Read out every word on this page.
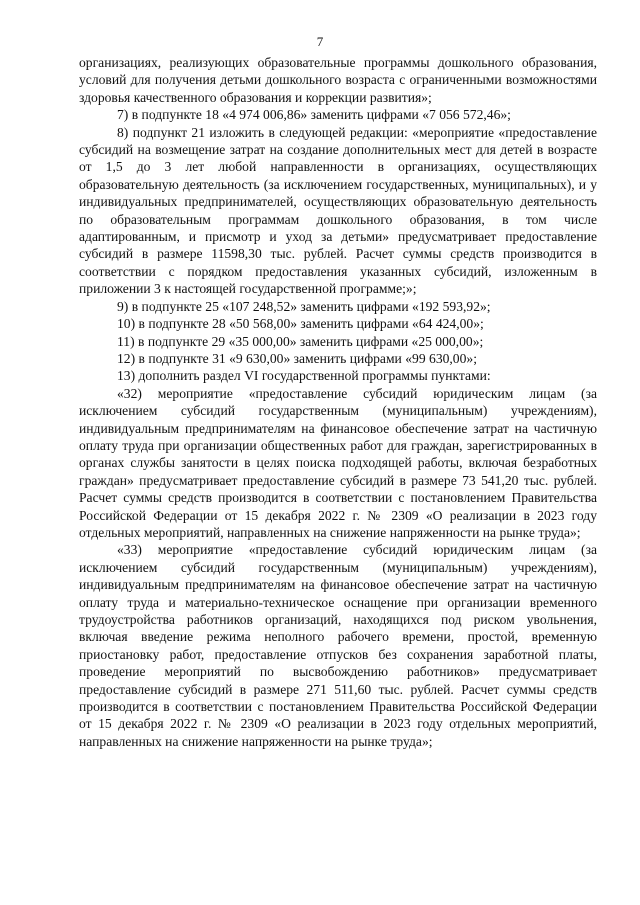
7

организациях, реализующих образовательные программы дошкольного образования, условий для получения детьми дошкольного возраста с ограниченными возможностями здоровья качественного образования и коррекции развития»;

7) в подпункте 18 «4 974 006,86» заменить цифрами «7 056 572,46»;

8) подпункт 21 изложить в следующей редакции: «мероприятие «предоставление субсидий на возмещение затрат на создание дополнительных мест для детей в возрасте от 1,5 до 3 лет любой направленности в организациях, осуществляющих образовательную деятельность (за исключением государственных, муниципальных), и у индивидуальных предпринимателей, осуществляющих образовательную деятельность по образовательным программам дошкольного образования, в том числе адаптированным, и присмотр и уход за детьми» предусматривает предоставление субсидий в размере 11598,30 тыс. рублей. Расчет суммы средств производится в соответствии с порядком предоставления указанных субсидий, изложенным в приложении 3 к настоящей государственной программе;»;

9) в подпункте 25 «107 248,52» заменить цифрами «192 593,92»;

10) в подпункте 28 «50 568,00» заменить цифрами «64 424,00»;

11) в подпункте 29 «35 000,00» заменить цифрами «25 000,00»;

12) в подпункте 31 «9 630,00» заменить цифрами «99 630,00»;

13) дополнить раздел VI государственной программы пунктами:

«32) мероприятие «предоставление субсидий юридическим лицам (за исключением субсидий государственным (муниципальным) учреждениям), индивидуальным предпринимателям на финансовое обеспечение затрат на частичную оплату труда при организации общественных работ для граждан, зарегистрированных в органах службы занятости в целях поиска подходящей работы, включая безработных граждан» предусматривает предоставление субсидий в размере 73 541,20 тыс. рублей. Расчет суммы средств производится в соответствии с постановлением Правительства Российской Федерации от 15 декабря 2022 г. № 2309 «О реализации в 2023 году отдельных мероприятий, направленных на снижение напряженности на рынке труда»;

«33) мероприятие «предоставление субсидий юридическим лицам (за исключением субсидий государственным (муниципальным) учреждениям), индивидуальным предпринимателям на финансовое обеспечение затрат на частичную оплату труда и материально-техническое оснащение при организации временного трудоустройства работников организаций, находящихся под риском увольнения, включая введение режима неполного рабочего времени, простой, временную приостановку работ, предоставление отпусков без сохранения заработной платы, проведение мероприятий по высвобождению работников» предусматривает предоставление субсидий в размере 271 511,60 тыс. рублей. Расчет суммы средств производится в соответствии с постановлением Правительства Российской Федерации от 15 декабря 2022 г. № 2309 «О реализации в 2023 году отдельных мероприятий, направленных на снижение напряженности на рынке труда»;
